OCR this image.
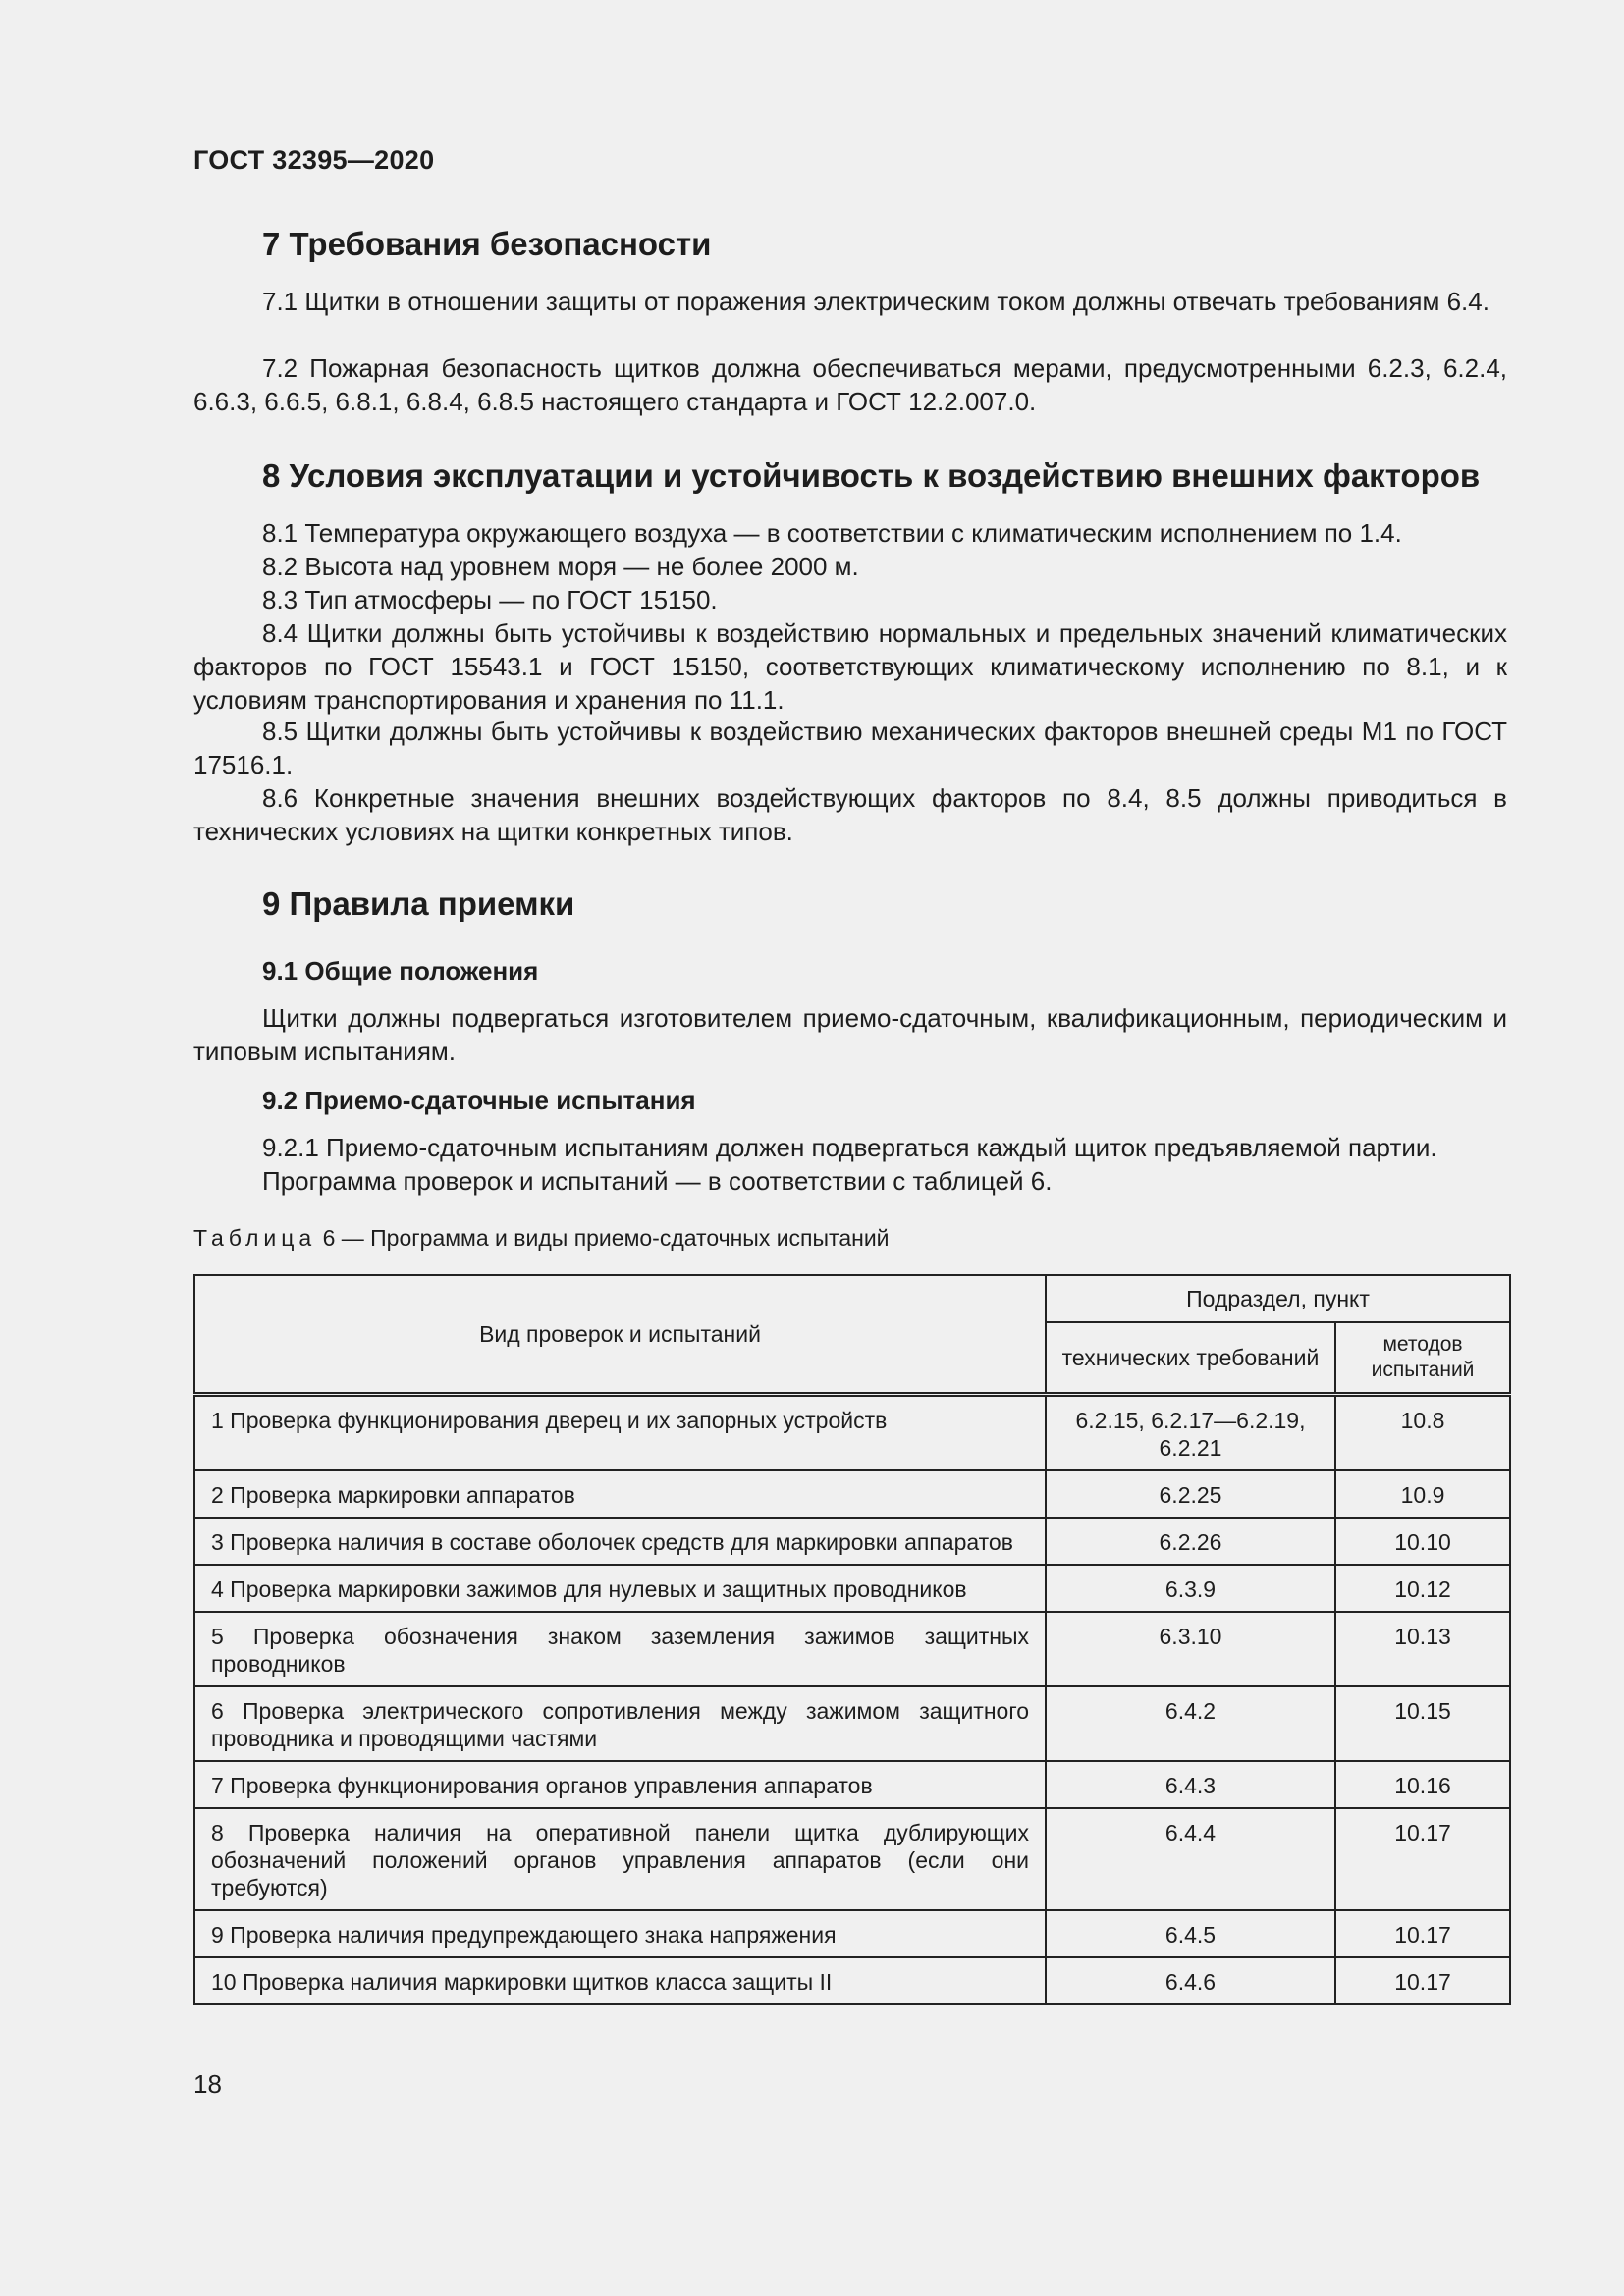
ГОСТ 32395—2020
7 Требования безопасности
7.1 Щитки в отношении защиты от поражения электрическим током должны отвечать требованиям 6.4.
7.2 Пожарная безопасность щитков должна обеспечиваться мерами, предусмотренными 6.2.3, 6.2.4, 6.6.3, 6.6.5, 6.8.1, 6.8.4, 6.8.5 настоящего стандарта и ГОСТ 12.2.007.0.
8 Условия эксплуатации и устойчивость к воздействию внешних факторов
8.1 Температура окружающего воздуха — в соответствии с климатическим исполнением по 1.4.
8.2 Высота над уровнем моря — не более 2000 м.
8.3 Тип атмосферы — по ГОСТ 15150.
8.4 Щитки должны быть устойчивы к воздействию нормальных и предельных значений климатических факторов по ГОСТ 15543.1 и ГОСТ 15150, соответствующих климатическому исполнению по 8.1, и к условиям транспортирования и хранения по 11.1.
8.5 Щитки должны быть устойчивы к воздействию механических факторов внешней среды М1 по ГОСТ 17516.1.
8.6 Конкретные значения внешних воздействующих факторов по 8.4, 8.5 должны приводиться в технических условиях на щитки конкретных типов.
9 Правила приемки
9.1 Общие положения
Щитки должны подвергаться изготовителем приемо-сдаточным, квалификационным, периодическим и типовым испытаниям.
9.2 Приемо-сдаточные испытания
9.2.1 Приемо-сдаточным испытаниям должен подвергаться каждый щиток предъявляемой партии.
Программа проверок и испытаний — в соответствии с таблицей 6.
Таблица 6 — Программа и виды приемо-сдаточных испытаний
Вид проверок и испытаний	Подраздел, пункт	
	технических требований	методов испытаний
1 Проверка функционирования дверец и их запорных устройств	6.2.15, 6.2.17—6.2.19, 6.2.21	10.8
2 Проверка маркировки аппаратов	6.2.25	10.9
3 Проверка наличия в составе оболочек средств для маркировки аппаратов	6.2.26	10.10
4 Проверка маркировки зажимов для нулевых и защитных проводников	6.3.9	10.12
5 Проверка обозначения знаком заземления зажимов защитных проводников	6.3.10	10.13
6 Проверка электрического сопротивления между зажимом защитного проводника и проводящими частями	6.4.2	10.15
7 Проверка функционирования органов управления аппаратов	6.4.3	10.16
8 Проверка наличия на оперативной панели щитка дублирующих обозначений положений органов управления аппаратов (если они требуются)	6.4.4	10.17
9 Проверка наличия предупреждающего знака напряжения	6.4.5	10.17
10 Проверка наличия маркировки щитков класса защиты II	6.4.6	10.17
18
